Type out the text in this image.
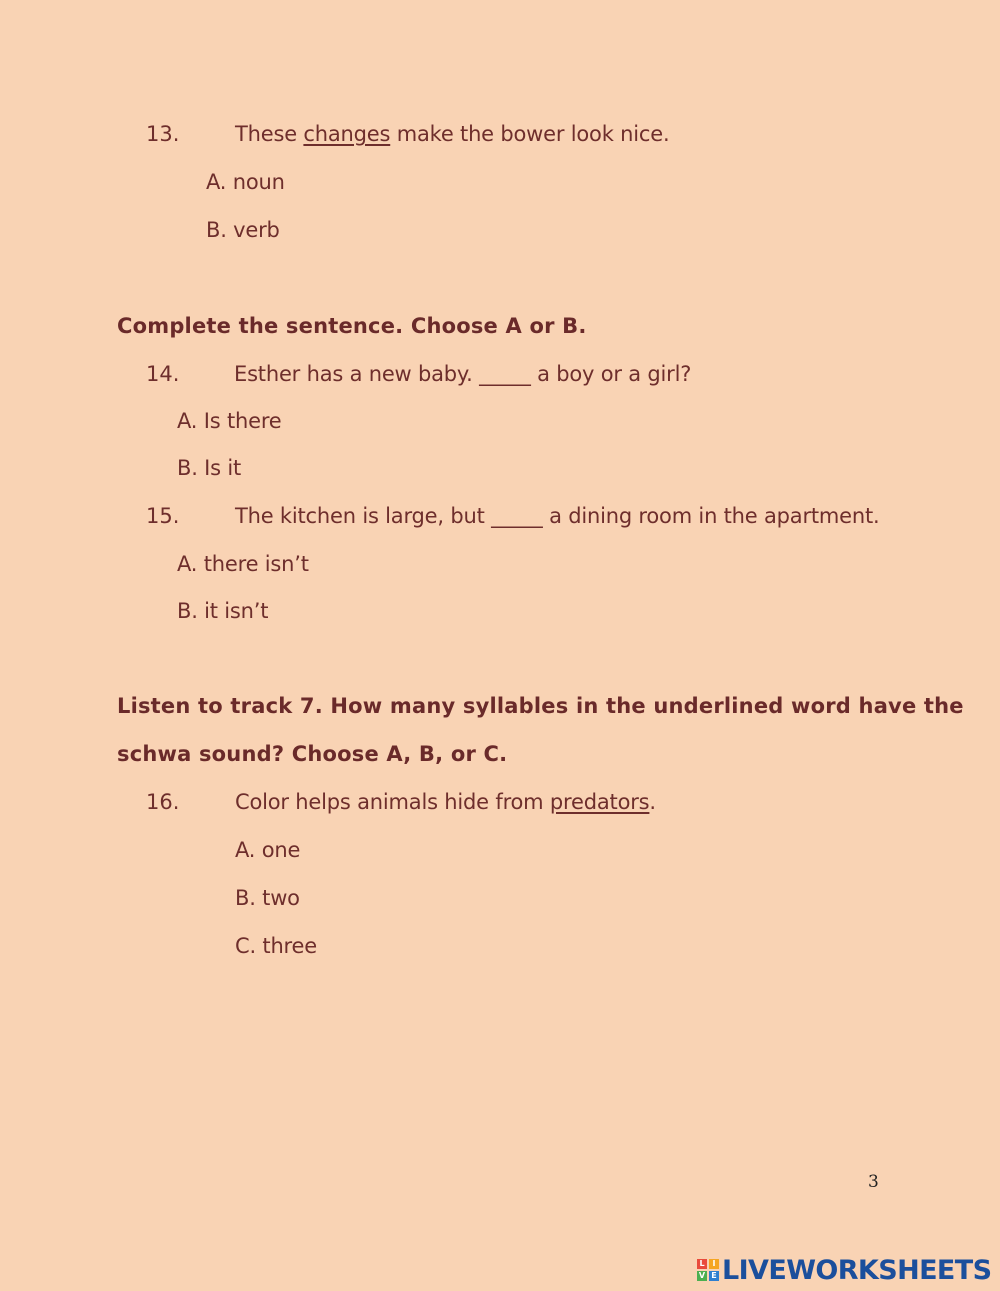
13.	These changes make the bower look nice.
A. noun
B. verb
Complete the sentence. Choose A or B.
14.	Esther has a new baby. _____ a boy or a girl?
A. Is there
B. Is it
15.	The kitchen is large, but _____ a dining room in the apartment.
A. there isn’t
B. it isn’t
Listen to track 7. How many syllables in the underlined word have the
schwa sound? Choose A, B, or C.
16.	Color helps animals hide from predators.
A. one
B. two
C. three
3
L I
V E LIVEWORKSHEETS
